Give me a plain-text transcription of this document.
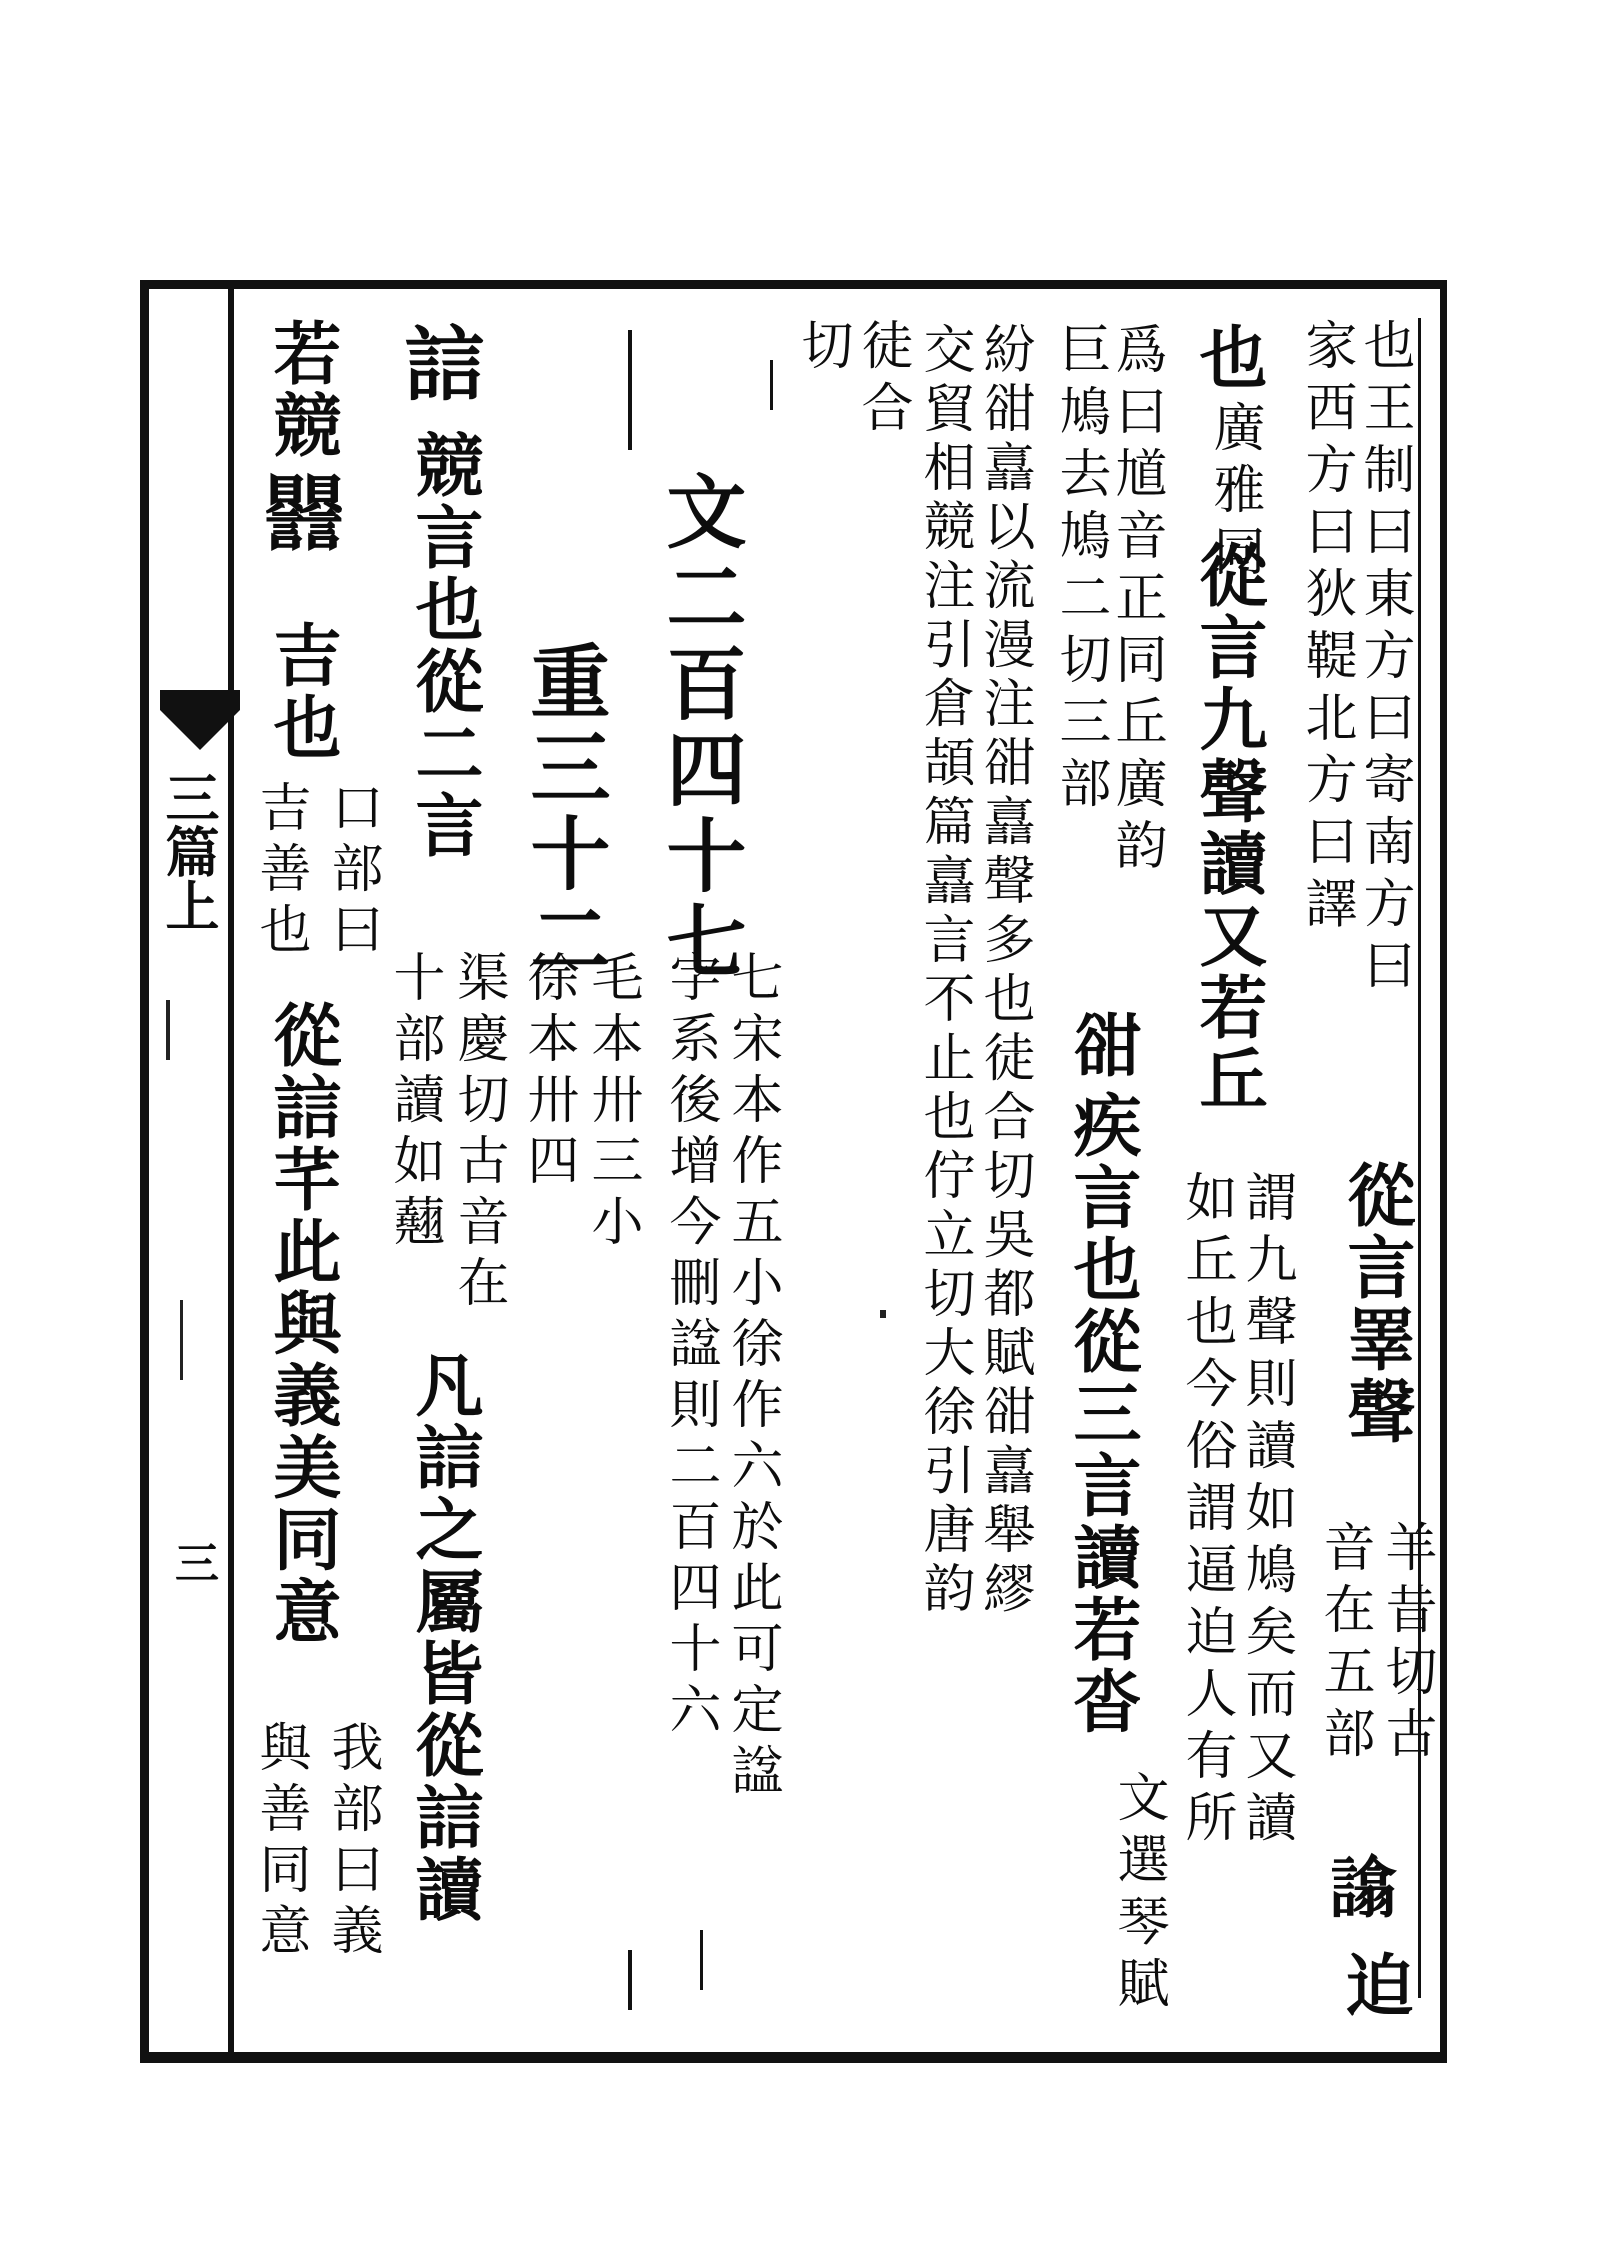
三篇上
三
也王制曰東方曰寄南方曰
家西方曰狄鞮北方曰譯
從言睪聲
羊昔切古
音在五部
𧬈
迫
也
廣雅同
從言九聲讀又若丘
謂九聲則讀如鳩矣而又讀
如丘也今俗謂逼迫人有所
爲曰馗音正同丘廣韵
𧮳
疾言也從三言讀若沓
文選琴賦
巨鳩去鳩二切三部
紛𧮳譶以流漫注𧮳譶聲多也徒合切吳都賦𧮳譶舉繆
交貿相競注引倉頡篇譶言不止也佇立切大徐引唐韵
徒合
切
文二百四十七
七宋本作五小徐作六於此可定諡
字系後增今刪諡則二百四十六
重三十二
毛本卅三小
徐本卅四
誩
競言也從二言
渠慶切古音在
凡誩之屬皆從誩讀
十部讀如𧄍
若競
𧮣
吉也
口部曰
從誩芊此與義美同意
我部曰義
吉善也
與善同意
